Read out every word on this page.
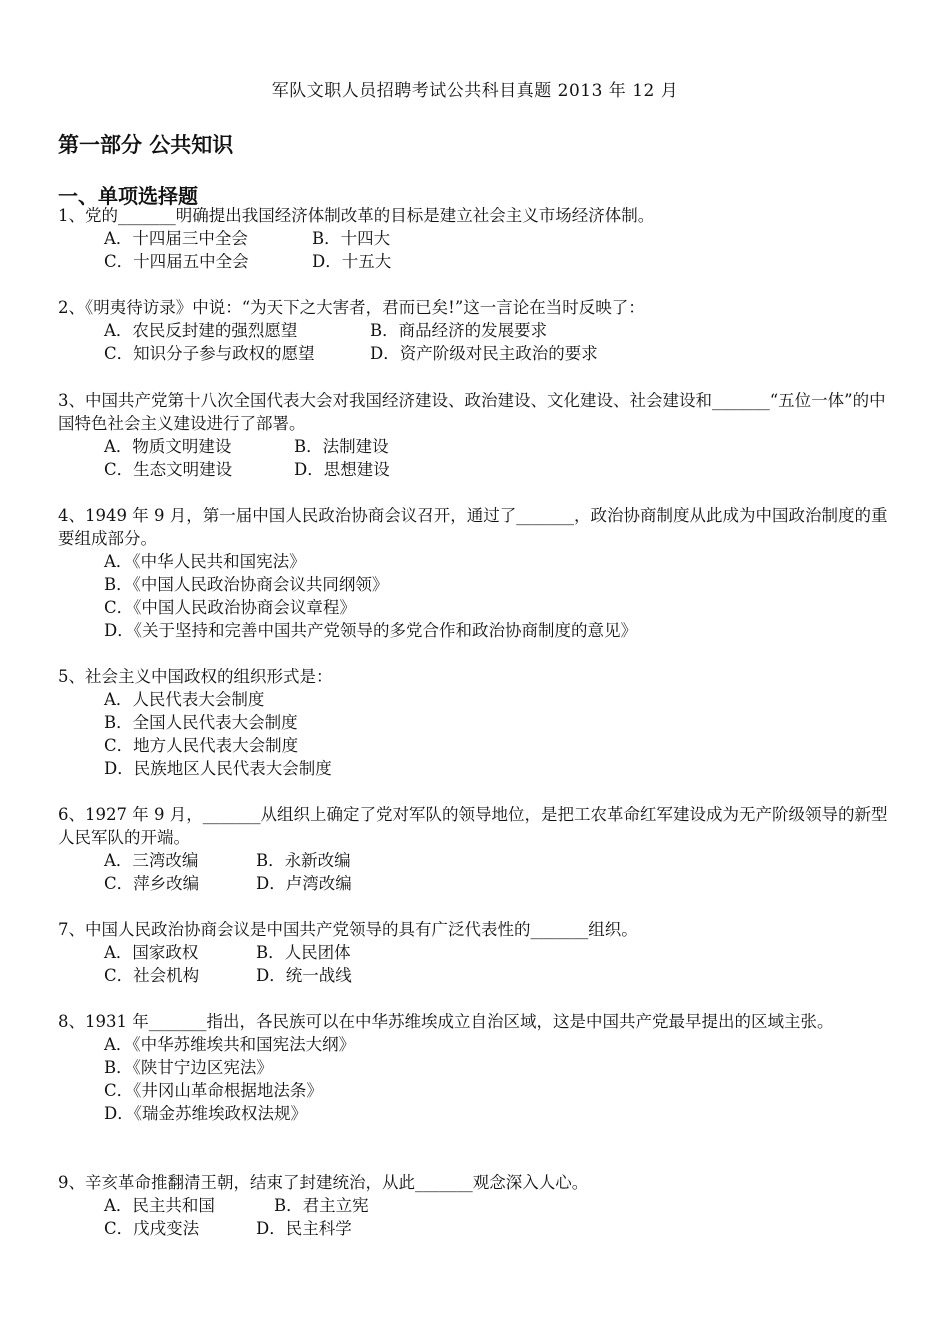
军队文职人员招聘考试公共科目真题 2013 年 12 月
第一部分 公共知识
一、单项选择题
1、党的_______明确提出我国经济体制改革的目标是建立社会主义市场经济体制。
A．十四届三中全会	B．十四大
C．十四届五中全会	D．十五大
2、《明夷待访录》中说：“为天下之大害者，君而已矣!”这一言论在当时反映了：
A．农民反封建的强烈愿望	B．商品经济的发展要求
C．知识分子参与政权的愿望	D．资产阶级对民主政治的要求
3、中国共产党第十八次全国代表大会对我国经济建设、政治建设、文化建设、社会建设和_______“五位一体”的中国特色社会主义建设进行了部署。
A．物质文明建设	B．法制建设
C．生态文明建设	D．思想建设
4、1949 年 9 月，第一届中国人民政治协商会议召开，通过了_______，政治协商制度从此成为中国政治制度的重要组成部分。
A．《中华人民共和国宪法》
B．《中国人民政治协商会议共同纲领》
C．《中国人民政治协商会议章程》
D．《关于坚持和完善中国共产党领导的多党合作和政治协商制度的意见》
5、社会主义中国政权的组织形式是：
A．人民代表大会制度
B．全国人民代表大会制度
C．地方人民代表大会制度
D．民族地区人民代表大会制度
6、1927 年 9 月，_______从组织上确定了党对军队的领导地位，是把工农革命红军建设成为无产阶级领导的新型人民军队的开端。
A．三湾改编	B．永新改编
C．萍乡改编	D．卢湾改编
7、中国人民政治协商会议是中国共产党领导的具有广泛代表性的_______组织。
A．国家政权	B．人民团体
C．社会机构	D．统一战线
8、1931 年_______指出，各民族可以在中华苏维埃成立自治区域，这是中国共产党最早提出的区域主张。
A．《中华苏维埃共和国宪法大纲》
B．《陕甘宁边区宪法》
C．《井冈山革命根据地法条》
D．《瑞金苏维埃政权法规》
9、辛亥革命推翻清王朝，结束了封建统治，从此_______观念深入人心。
A．民主共和国	B．君主立宪
C．戊戌变法	D．民主科学
